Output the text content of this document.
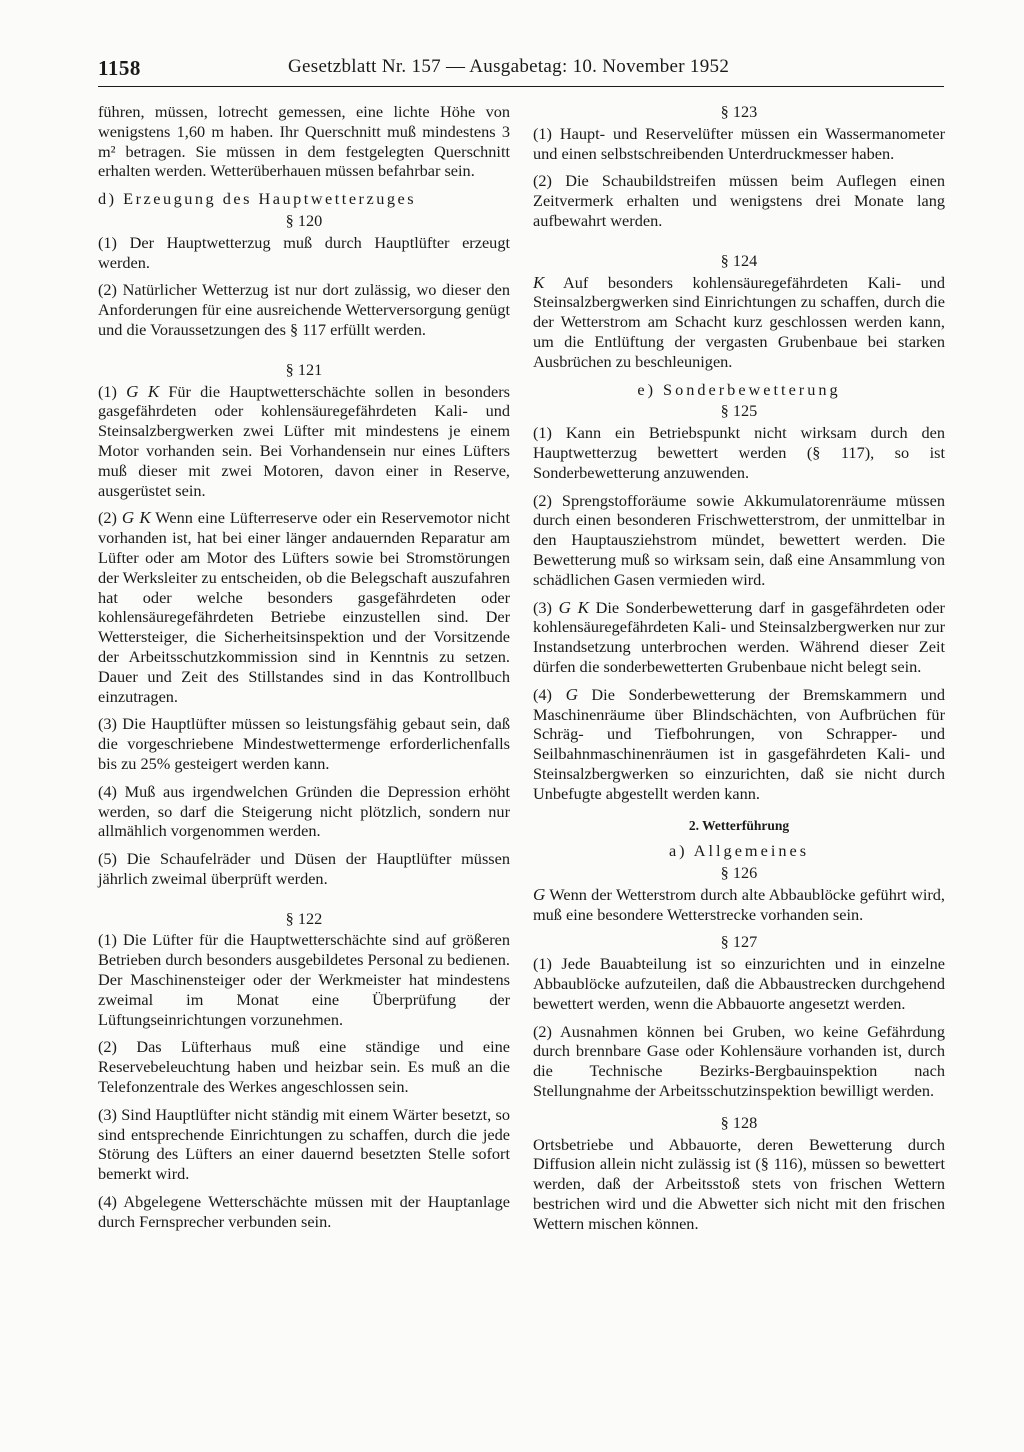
1158	Gesetzblatt Nr. 157 — Ausgabetag: 10. November 1952

führen, müssen, lotrecht gemessen, eine lichte Höhe von wenigstens 1,60 m haben. Ihr Querschnitt muß mindestens 3 m² betragen. Sie müssen in dem festgelegten Querschnitt erhalten werden. Wetterüberhauen müssen befahrbar sein.

d) Erzeugung des Hauptwetterzuges
§ 120

(1) Der Hauptwetterzug muß durch Hauptlüfter erzeugt werden.

(2) Natürlicher Wetterzug ist nur dort zulässig, wo dieser den Anforderungen für eine ausreichende Wetterversorgung genügt und die Voraussetzungen des § 117 erfüllt werden.

§ 121

(1) G K Für die Hauptwetterschächte sollen in besonders gasgefährdeten oder kohlensäuregefährdeten Kali- und Steinsalzbergwerken zwei Lüfter mit mindestens je einem Motor vorhanden sein. Bei Vorhandensein nur eines Lüfters muß dieser mit zwei Motoren, davon einer in Reserve, ausgerüstet sein.

(2) G K Wenn eine Lüfterreserve oder ein Reservemotor nicht vorhanden ist, hat bei einer länger andauernden Reparatur am Lüfter oder am Motor des Lüfters sowie bei Stromstörungen der Werksleiter zu entscheiden, ob die Belegschaft auszufahren hat oder welche besonders gasgefährdeten oder kohlensäuregefährdeten Betriebe einzustellen sind. Der Wettersteiger, die Sicherheitsinspektion und der Vorsitzende der Arbeitsschutzkommission sind in Kenntnis zu setzen. Dauer und Zeit des Stillstandes sind in das Kontrollbuch einzutragen.

(3) Die Hauptlüfter müssen so leistungsfähig gebaut sein, daß die vorgeschriebene Mindestwettermenge erforderlichenfalls bis zu 25% gesteigert werden kann.

(4) Muß aus irgendwelchen Gründen die Depression erhöht werden, so darf die Steigerung nicht plötzlich, sondern nur allmählich vorgenommen werden.

(5) Die Schaufelräder und Düsen der Hauptlüfter müssen jährlich zweimal überprüft werden.

§ 122

(1) Die Lüfter für die Hauptwetterschächte sind auf größeren Betrieben durch besonders ausgebildetes Personal zu bedienen. Der Maschinensteiger oder der Werkmeister hat mindestens zweimal im Monat eine Überprüfung der Lüftungseinrichtungen vorzunehmen.

(2) Das Lüfterhaus muß eine ständige und eine Reservebeleuchtung haben und heizbar sein. Es muß an die Telefonzentrale des Werkes angeschlossen sein.

(3) Sind Hauptlüfter nicht ständig mit einem Wärter besetzt, so sind entsprechende Einrichtungen zu schaffen, durch die jede Störung des Lüfters an einer dauernd besetzten Stelle sofort bemerkt wird.

(4) Abgelegene Wetterschächte müssen mit der Hauptanlage durch Fernsprecher verbunden sein.

§ 123

(1) Haupt- und Reservelüfter müssen ein Wassermanometer und einen selbstschreibenden Unterdruckmesser haben.

(2) Die Schaubildstreifen müssen beim Auflegen einen Zeitvermerk erhalten und wenigstens drei Monate lang aufbewahrt werden.

§ 124

K Auf besonders kohlensäuregefährdeten Kali- und Steinsalzbergwerken sind Einrichtungen zu schaffen, durch die der Wetterstrom am Schacht kurz geschlossen werden kann, um die Entlüftung der vergasten Grubenbaue bei starken Ausbrüchen zu beschleunigen.

e) Sonderbewetterung
§ 125

(1) Kann ein Betriebspunkt nicht wirksam durch den Hauptwetterzug bewettert werden (§ 117), so ist Sonderbewetterung anzuwenden.

(2) Sprengstofforäume sowie Akkumulatorenräume müssen durch einen besonderen Frischwetterstrom, der unmittelbar in den Hauptausziehstrom mündet, bewettert werden. Die Bewetterung muß so wirksam sein, daß eine Ansammlung von schädlichen Gasen vermieden wird.

(3) G K Die Sonderbewetterung darf in gasgefährdeten oder kohlensäuregefährdeten Kali- und Steinsalzbergwerken nur zur Instandsetzung unterbrochen werden. Während dieser Zeit dürfen die sonderbewetterten Grubenbaue nicht belegt sein.

(4) G Die Sonderbewetterung der Bremskammern und Maschinenräume über Blindschächten, von Aufbrüchen für Schräg- und Tiefbohrungen, von Schrapper- und Seilbahnmaschinenräumen ist in gasgefährdeten Kali- und Steinsalzbergwerken so einzurichten, daß sie nicht durch Unbefugte abgestellt werden kann.

2. Wetterführung
a) Allgemeines
§ 126

G Wenn der Wetterstrom durch alte Abbaublöcke geführt wird, muß eine besondere Wetterstrecke vorhanden sein.

§ 127

(1) Jede Bauabteilung ist so einzurichten und in einzelne Abbaublöcke aufzuteilen, daß die Abbaustrecken durchgehend bewettert werden, wenn die Abbauorte angesetzt werden.

(2) Ausnahmen können bei Gruben, wo keine Gefährdung durch brennbare Gase oder Kohlensäure vorhanden ist, durch die Technische Bezirks-Bergbauinspektion nach Stellungnahme der Arbeitsschutzinspektion bewilligt werden.

§ 128

Ortsbetriebe und Abbauorte, deren Bewetterung durch Diffusion allein nicht zulässig ist (§ 116), müssen so bewettert werden, daß der Arbeitsstoß stets von frischen Wettern bestrichen wird und die Abwetter sich nicht mit den frischen Wettern mischen können.
